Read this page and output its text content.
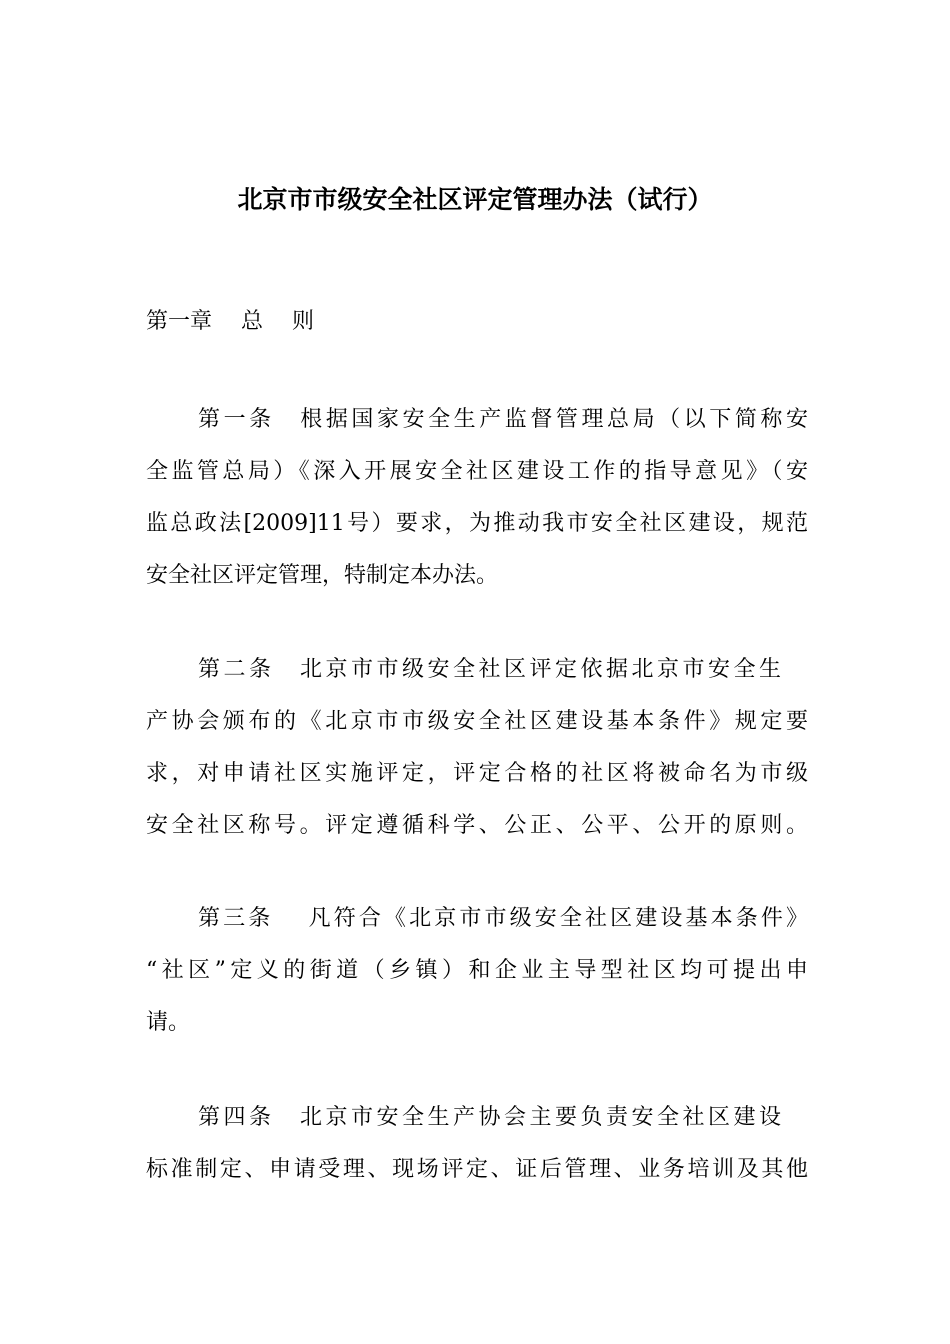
北京市市级安全社区评定管理办法（试行）

第一章　 总　 则

第一条　根据国家安全生产监督管理总局（以下简称安
全监管总局）《深入开展安全社区建设工作的指导意见》（安
监总政法[2009]11号）要求，为推动我市安全社区建设，规范
安全社区评定管理，特制定本办法。
第二条　北京市市级安全社区评定依据北京市安全生
产协会颁布的《北京市市级安全社区建设基本条件》规定要
求，对申请社区实施评定，评定合格的社区将被命名为市级
安全社区称号。评定遵循科学、公正、公平、公开的原则。
第三条　 凡符合《北京市市级安全社区建设基本条件》
“社区”定义的街道（乡镇）和企业主导型社区均可提出申
请。
第四条　北京市安全生产协会主要负责安全社区建设
标准制定、申请受理、现场评定、证后管理、业务培训及其他
